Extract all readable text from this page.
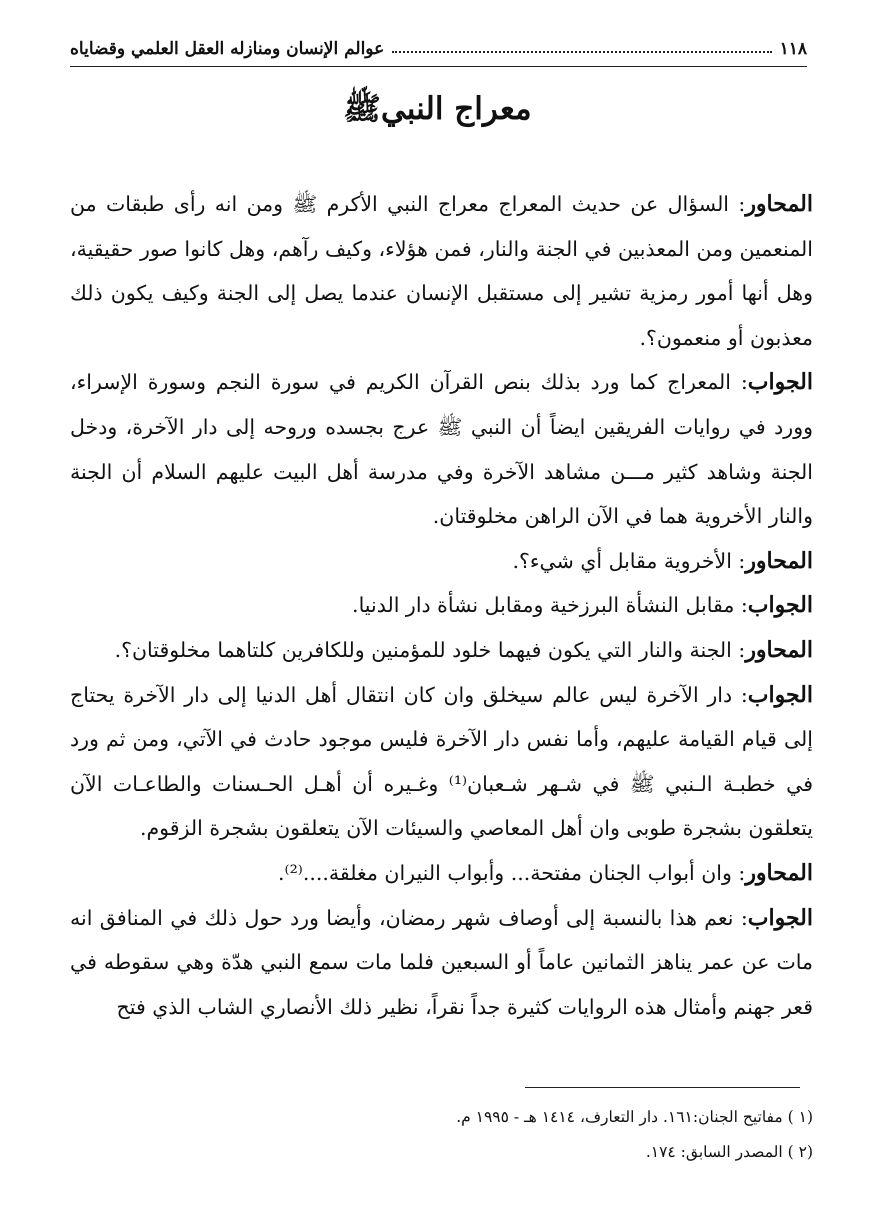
١١٨
عوالم الإنسان ومنازله العقل العلمي وقضاياه
معراج النبيﷺ

المحاور: السؤال عن حديث المعراج معراج النبي الأكرم ﷺ ومن انه رأى طبقات من المنعمين ومن المعذبين في الجنة والنار، فمن هؤلاء، وكيف رآهم، وهل كانوا صور حقيقية، وهل أنها أمور رمزية تشير إلى مستقبل الإنسان عندما يصل إلى الجنة وكيف يكون ذلك معذبون أو منعمون؟.

الجواب: المعراج كما ورد بذلك بنص القرآن الكريم في سورة النجم وسورة الإسراء، وورد في روايات الفريقين ايضاً أن النبي ﷺ عرج بجسده وروحه إلى دار الآخرة، ودخل الجنة وشاهد كثير مـــن مشاهد الآخرة وفي مدرسة أهل البيت عليهم السلام أن الجنة والنار الأخروية هما في الآن الراهن مخلوقتان.

المحاور: الأخروية مقابل أي شيء؟.

الجواب: مقابل النشأة البرزخية ومقابل نشأة دار الدنيا.

المحاور: الجنة والنار التي يكون فيهما خلود للمؤمنين وللكافرين كلتاهما مخلوقتان؟.

الجواب: دار الآخرة ليس عالم سيخلق وان كان انتقال أهل الدنيا إلى دار الآخرة يحتاج إلى قيام القيامة عليهم، وأما نفس دار الآخرة فليس موجود حادث في الآتي، ومن ثم ورد في خطبـة الـنبي ﷺ في شـهر شـعبان⁽¹⁾ وغـيره أن أهـل الحـسنات والطاعـات الآن يتعلقون بشجرة طوبى وان أهل المعاصي والسيئات الآن يتعلقون بشجرة الزقوم.

المحاور: وان أبواب الجنان مفتحة... وأبواب النيران مغلقة....⁽²⁾.

الجواب: نعم هذا بالنسبة إلى أوصاف شهر رمضان، وأيضا ورد حول ذلك في المنافق انه مات عن عمر يناهز الثمانين عاماً أو السبعين فلما مات سمع النبي هدّة وهي سقوطه في قعر جهنم وأمثال هذه الروايات كثيرة جداً نقراً، نظير ذلك الأنصاري الشاب الذي فتح

(١ ) مفاتيح الجنان:١٦١. دار التعارف، ١٤١٤ هـ - ١٩٩٥ م.
(٢ ) المصدر السابق: ١٧٤.
